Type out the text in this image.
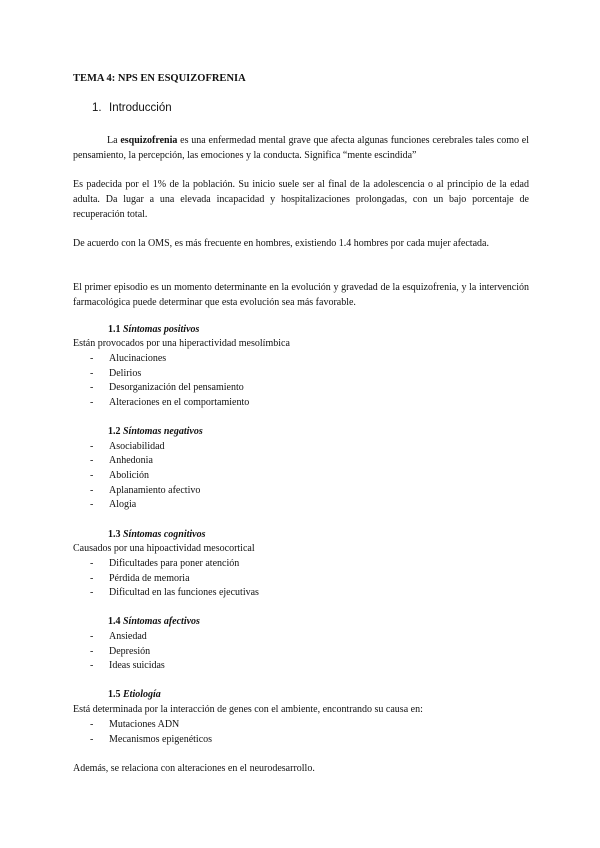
TEMA 4: NPS EN ESQUIZOFRENIA
1. Introducción
La esquizofrenia es una enfermedad mental grave que afecta algunas funciones cerebrales tales como el pensamiento, la percepción, las emociones y la conducta. Significa “mente escindida”
Es padecida por el 1% de la población. Su inicio suele ser al final de la adolescencia o al principio de la edad adulta. Da lugar a una elevada incapacidad y hospitalizaciones prolongadas, con un bajo porcentaje de recuperación total.
De acuerdo con la OMS, es más frecuente en hombres, existiendo 1.4 hombres por cada mujer afectada.
El primer episodio es un momento determinante en la evolución y gravedad de la esquizofrenia, y la intervención farmacológica puede determinar que esta evolución sea más favorable.
1.1 Síntomas positivos
Están provocados por una hiperactividad mesolímbica
- Alucinaciones
- Delirios
- Desorganización del pensamiento
- Alteraciones en el comportamiento
1.2 Síntomas negativos
- Asociabilidad
- Anhedonia
- Abolición
- Aplanamiento afectivo
- Alogia
1.3 Síntomas cognitivos
Causados por una hipoactividad mesocortical
- Dificultades para poner atención
- Pérdida de memoria
- Dificultad en las funciones ejecutivas
1.4 Síntomas afectivos
- Ansiedad
- Depresión
- Ideas suicidas
1.5 Etiología
Está determinada por la interacción de genes con el ambiente, encontrando su causa en:
- Mutaciones ADN
- Mecanismos epigenéticos
Además, se relaciona con alteraciones en el neurodesarrollo.
